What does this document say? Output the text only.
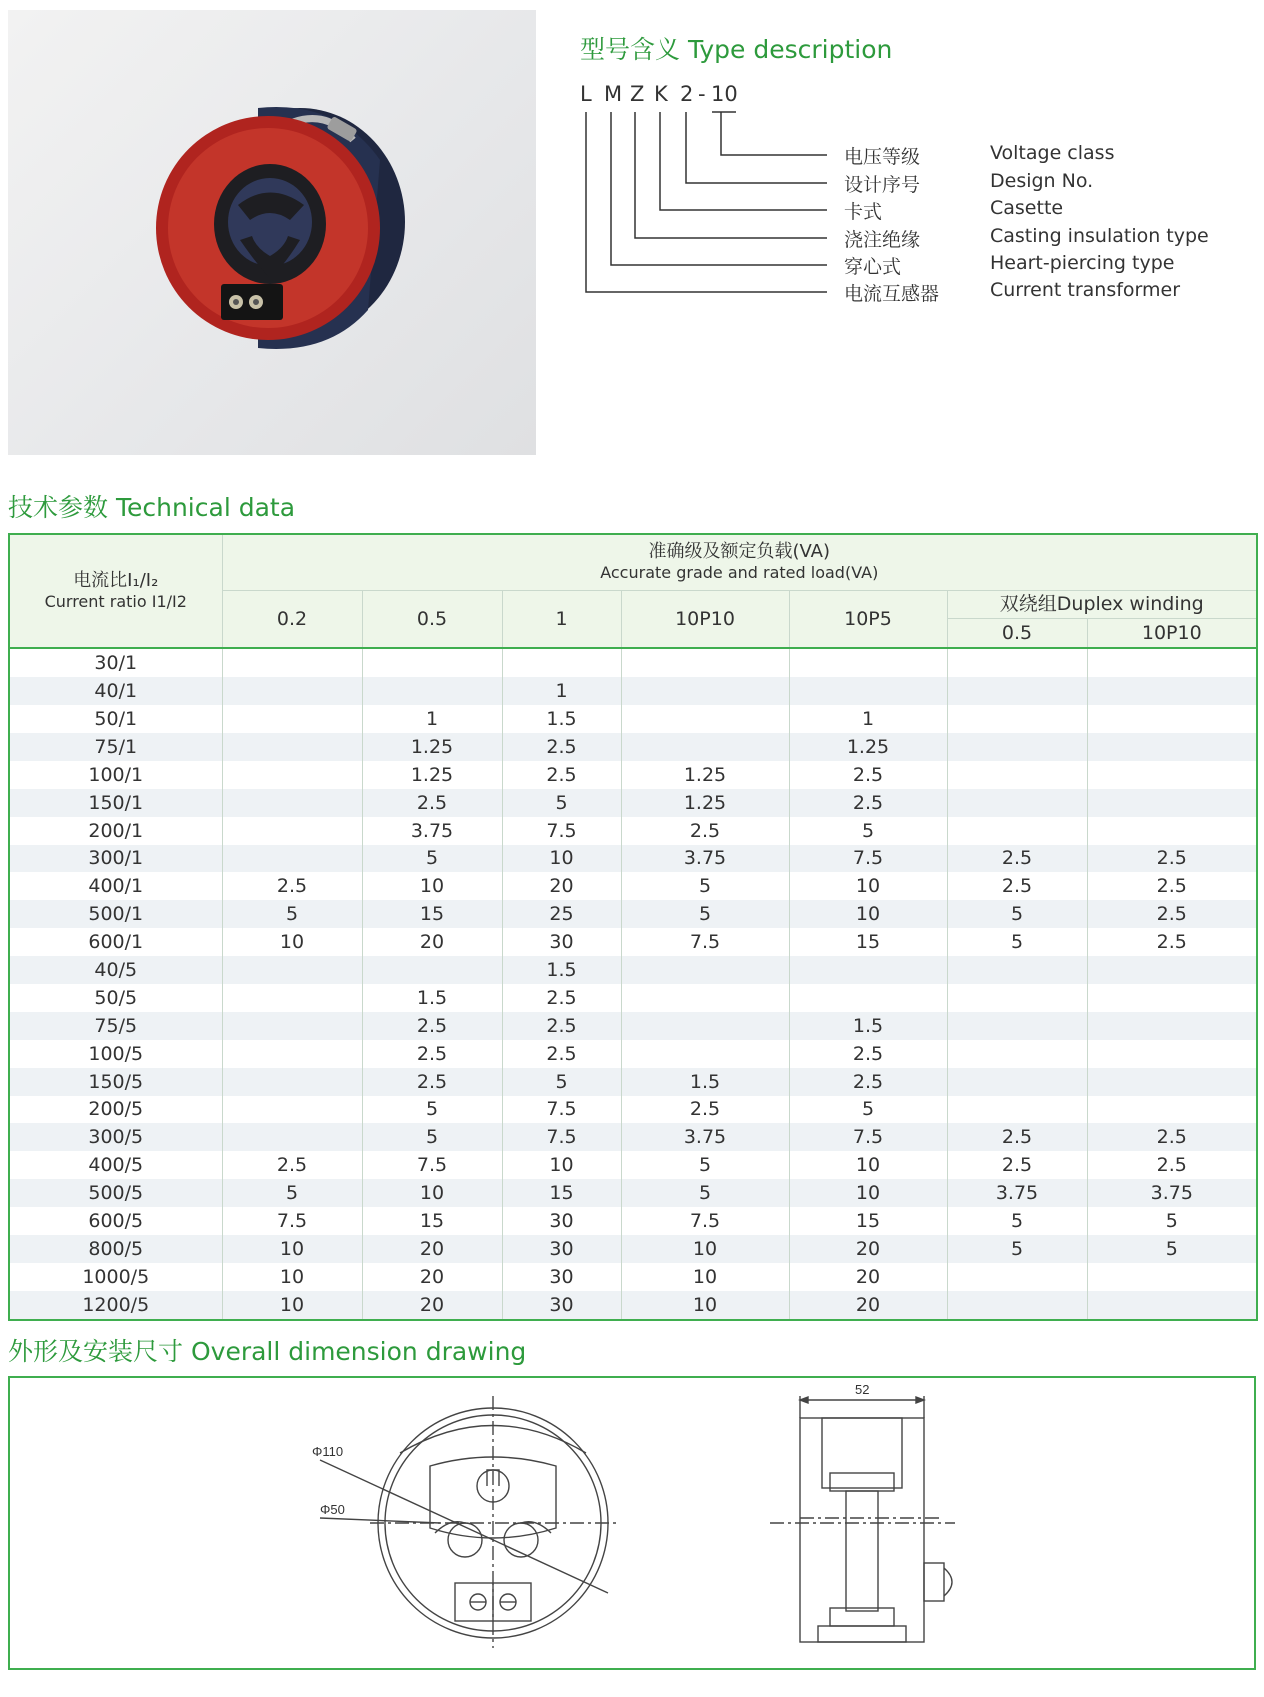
型号含义 Type description
L M Z K 2 - 10
电压等级	Voltage class
设计序号	Design No.
卡式	Casette
浇注绝缘	Casting insulation type
穿心式	Heart-piercing type
电流互感器	Current transformer
技术参数 Technical data
电流比I₁/I₂
Current ratio I1/I2	准确级及额定负载(VA)
Accurate grade and rated load(VA)						

	0.2	0.5	1	10P10	10P5	双绕组Duplex winding	
						0.5	10P10
30/1							
40/1			1				
50/1		1	1.5		1		
75/1		1.25	2.5		1.25		
100/1		1.25	2.5	1.25	2.5		
150/1		2.5	5	1.25	2.5		
200/1		3.75	7.5	2.5	5		
300/1		5	10	3.75	7.5	2.5	2.5
400/1	2.5	10	20	5	10	2.5	2.5
500/1	5	15	25	5	10	5	2.5
600/1	10	20	30	7.5	15	5	2.5
40/5			1.5				
50/5		1.5	2.5				
75/5		2.5	2.5		1.5		
100/5		2.5	2.5		2.5		
150/5		2.5	5	1.5	2.5		
200/5		5	7.5	2.5	5		
300/5		5	7.5	3.75	7.5	2.5	2.5
400/5	2.5	7.5	10	5	10	2.5	2.5
500/5	5	10	15	5	10	3.75	3.75
600/5	7.5	15	30	7.5	15	5	5
800/5	10	20	30	10	20	5	5
1000/5	10	20	30	10	20		
1200/5	10	20	30	10	20		
外形及安装尺寸 Overall dimension drawing
Φ110
Φ50
52
